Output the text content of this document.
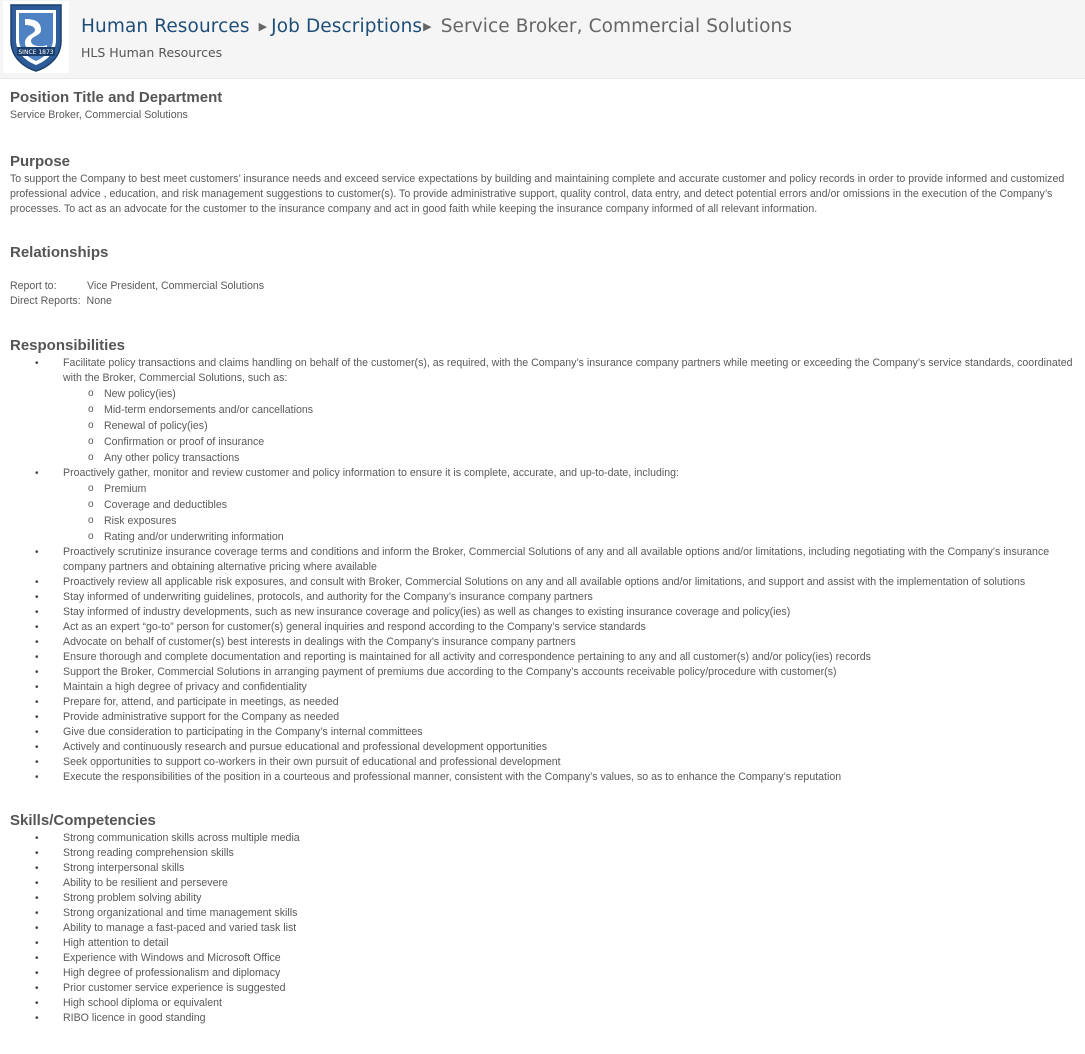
SINCE 1873
Human Resources ▶ Job Descriptions▶ Service Broker, Commercial Solutions
HLS Human Resources
Position Title and Department
Service Broker, Commercial Solutions
Purpose
To support the Company to best meet customers’ insurance needs and exceed service expectations by building and maintaining complete and accurate customer and policy records in order to provide informed and customized professional advice , education, and risk management suggestions to customer(s). To provide administrative support, quality control, data entry, and detect potential errors and/or omissions in the execution of the Company’s processes. To act as an advocate for the customer to the insurance company and act in good faith while keeping the insurance company informed of all relevant information.
Relationships
Report to:	Vice President, Commercial Solutions
Direct Reports: None
Responsibilities
• Facilitate policy transactions and claims handling on behalf of the customer(s), as required, with the Company’s insurance company partners while meeting or exceeding the Company’s service standards, coordinated with the Broker, Commercial Solutions, such as:
o New policy(ies)
o Mid-term endorsements and/or cancellations
o Renewal of policy(ies)
o Confirmation or proof of insurance
o Any other policy transactions
• Proactively gather, monitor and review customer and policy information to ensure it is complete, accurate, and up-to-date, including:
o Premium
o Coverage and deductibles
o Risk exposures
o Rating and/or underwriting information
• Proactively scrutinize insurance coverage terms and conditions and inform the Broker, Commercial Solutions of any and all available options and/or limitations, including negotiating with the Company’s insurance company partners and obtaining alternative pricing where available
• Proactively review all applicable risk exposures, and consult with Broker, Commercial Solutions on any and all available options and/or limitations, and support and assist with the implementation of solutions
• Stay informed of underwriting guidelines, protocols, and authority for the Company’s insurance company partners
• Stay informed of industry developments, such as new insurance coverage and policy(ies) as well as changes to existing insurance coverage and policy(ies)
• Act as an expert “go-to” person for customer(s) general inquiries and respond according to the Company’s service standards
• Advocate on behalf of customer(s) best interests in dealings with the Company’s insurance company partners
• Ensure thorough and complete documentation and reporting is maintained for all activity and correspondence pertaining to any and all customer(s) and/or policy(ies) records
• Support the Broker, Commercial Solutions in arranging payment of premiums due according to the Company’s accounts receivable policy/procedure with customer(s)
• Maintain a high degree of privacy and confidentiality
• Prepare for, attend, and participate in meetings, as needed
• Provide administrative support for the Company as needed
• Give due consideration to participating in the Company’s internal committees
• Actively and continuously research and pursue educational and professional development opportunities
• Seek opportunities to support co-workers in their own pursuit of educational and professional development
• Execute the responsibilities of the position in a courteous and professional manner, consistent with the Company’s values, so as to enhance the Company’s reputation
Skills/Competencies
• Strong communication skills across multiple media
• Strong reading comprehension skills
• Strong interpersonal skills
• Ability to be resilient and persevere
• Strong problem solving ability
• Strong organizational and time management skills
• Ability to manage a fast-paced and varied task list
• High attention to detail
• Experience with Windows and Microsoft Office
• High degree of professionalism and diplomacy
• Prior customer service experience is suggested
• High school diploma or equivalent
• RIBO licence in good standing
